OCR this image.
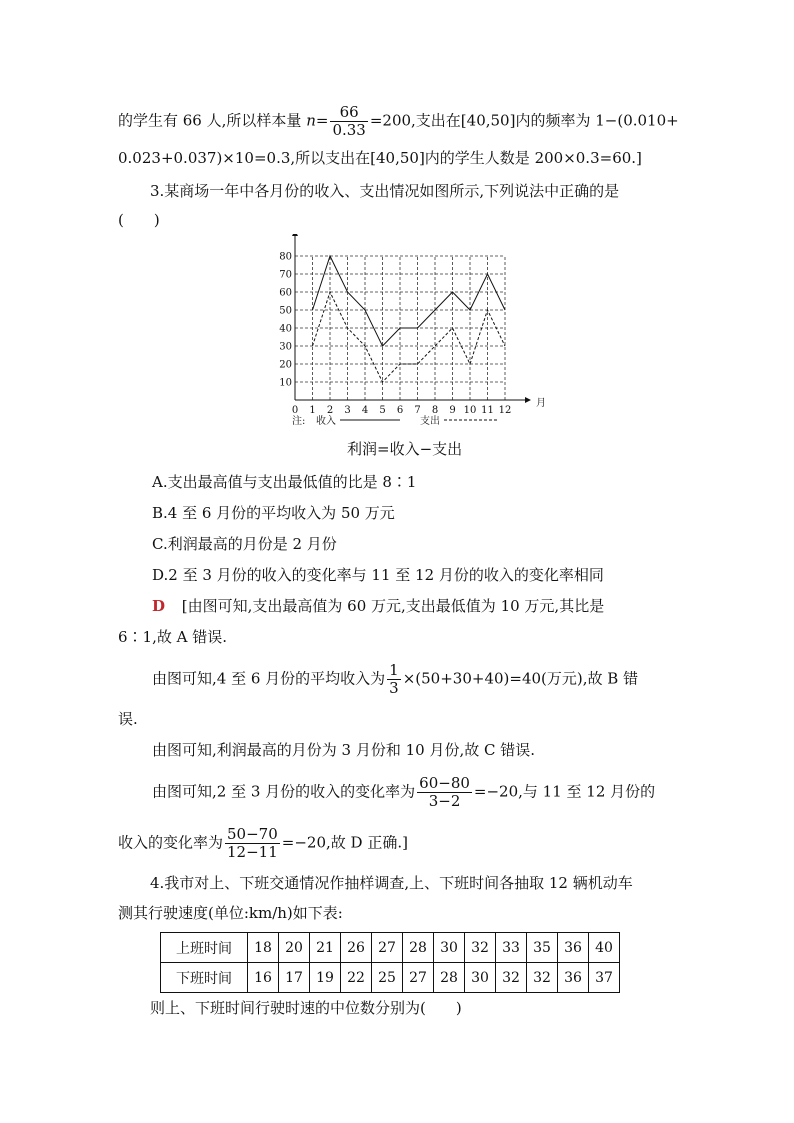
的学生有 66 人,所以样本量 $n= \frac{66}{0.33} =200$,支出在[40,50]内的频率为 1−(0.010+
0.023+0.037)×10=0.3,所以支出在[40,50]内的学生人数是 200×0.3=60.]
3.某商场一年中各月份的收入、支出情况如图所示,下列说法中正确的是
(　　)
0 1 2 3 4 5 6 7 8 9 10 11 12
10
20
30
40
50
60
70
80
月
注: 收入	支出
利润=收入−支出
A.支出最高值与支出最低值的比是 8∶1
B.4 至 6 月份的平均收入为 50 万元
C.利润最高的月份是 2 月份
D.2 至 3 月份的收入的变化率与 11 至 12 月份的收入的变化率相同
D [由图可知,支出最高值为 60 万元,支出最低值为 10 万元,其比是
6∶1,故 A 错误.
由图可知,4 至 6 月份的平均收入为 $\frac{1}{3} \times(50+30+40)=40$(万元),故 B 错
误.
由图可知,利润最高的月份为 3 月份和 10 月份,故 C 错误.
由图可知,2 至 3 月份的收入的变化率为 $\frac{60-80}{3-2} =-20$,与 11 至 12 月份的
收入的变化率为 $\frac{50-70}{12-11} =-20$,故 D 正确.]
4.我市对上、下班交通情况作抽样调查,上、下班时间各抽取 12 辆机动车
测其行驶速度(单位:km/h)如下表:
上班时间	18	20	21	26	27	28	30	32	33	35	36	40
下班时间	16	17	19	22	25	27	28	30	32	32	36	37
则上、下班时间行驶时速的中位数分别为(　　)
